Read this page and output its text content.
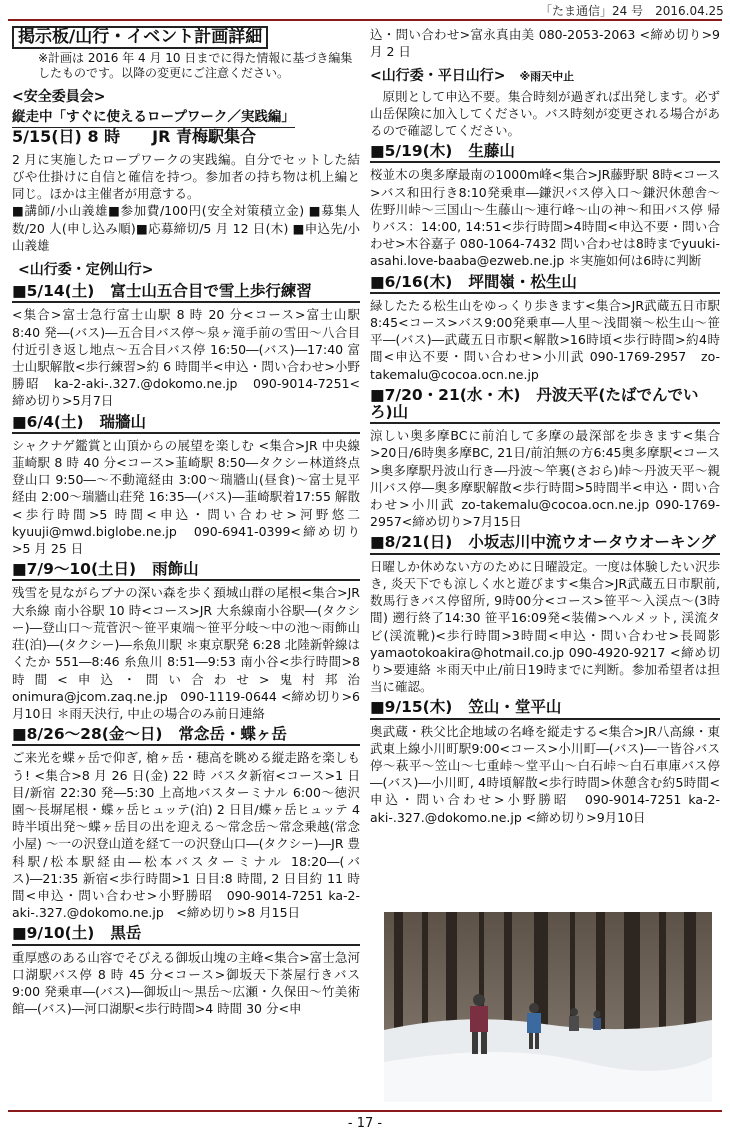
「たま通信」24 号　2016.04.25
掲示板/山行・イベント計画詳細
※計画は 2016 年 4 月 10 日までに得た情報に基づき編集したものです。以降の変更にご注意ください。
<安全委員会>
縦走中「すぐに使えるロープワーク／実践編」
5/15(日) 8 時　　JR 青梅駅集合
2 月に実施したロープワークの実践編。自分でセットした結びや仕掛けに自信と確信を持つ。参加者の持ち物は机上編と同じ。ほかは主催者が用意する。
■講師/小山義雄■参加費/100円(安全対策積立金) ■募集人数/20 人(申し込み順)■応募締切/5 月 12 日(木) ■申込先/小山義雄
<山行委・定例山行>
■5/14(土) 富士山五合目で雪上歩行練習
<集合>富士急行富士山駅 8 時 20 分<コース>富士山駅 8:40 発―(バス)―五合目バス停～泉ヶ滝手前の雪田～八合目付近引き返し地点～五合目バス停 16:50―(バス)―17:40 富士山駅解散<歩行練習>約 6 時間半<申込・問い合わせ>小野勝昭　ka-2-aki-.327.@dokomo.ne.jp　090-9014-7251<締め切り>5月7日
■6/4(土) 瑞牆山
シャクナゲ鑑賞と山頂からの展望を楽しむ <集合>JR 中央線韮崎駅 8 時 40 分<コース>韮崎駅 8:50―タクシー林道終点登山口 9:50―～不動滝経由 3:00～瑞牆山(昼食)～富士見平経由 2:00～瑞牆山荘発 16:35―(バス)―韮崎駅着17:55 解散<歩行時間>5 時間<申込・問い合わせ>河野悠二　kyuuji@mwd.biglobe.ne.jp　090-6941-0399<締め切り>5 月 25 日
■7/9～10(土日) 雨飾山
残雪を見ながらブナの深い森を歩く頚城山群の尾根<集合>JR 大糸線 南小谷駅 10 時<コース>JR 大糸線南小谷駅―(タクシー)―登山口～荒菅沢～笹平東端～笹平分岐～中の池～雨飾山荘(泊)―(タクシー)―糸魚川駅 ＊東京駅発 6:28 北陸新幹線はくたか 551―8:46 糸魚川 8:51―9:53 南小谷<歩行時間>8時間<申込・問い合わせ>鬼村邦治 onimura@jcom.zaq.ne.jp　090-1119-0644 <締め切り>6月10日 ＊雨天決行, 中止の場合のみ前日連絡
■8/26～28(金～日) 常念岳・蝶ヶ岳
ご来光を蝶ヶ岳で仰ぎ, 槍ヶ岳・穂高を眺める縦走路を楽しもう! <集合>8 月 26 日(金) 22 時 バスタ新宿<コース>1 日目/新宿 22:30 発―5:30 上高地バスターミナル 6:00～徳沢園～長塀尾根・蝶ヶ岳ヒュッテ(泊) 2 日目/蝶ヶ岳ヒュッテ 4 時半頃出発～蝶ヶ岳目の出を迎える～常念岳～常念乗越(常念小屋) ～一の沢登山道を経て一の沢登山口―(タクシー)―JR 豊科駅/松本駅経由―松本バスターミナル 18:20―(バス)―21:35 新宿<歩行時間>1 日目:8 時間, 2 日目約 11 時間<申込・問い合わせ>小野勝昭　090-9014-7251 ka-2-aki-.327.@dokomo.ne.jp　<締め切り>8 月15日
■9/10(土) 黒岳
重厚感のある山容でそびえる御坂山塊の主峰<集合>富士急河口湖駅バス停 8 時 45 分<コース>御坂天下茶屋行きバス 9:00 発乗車―(バス)―御坂山～黒岳～広瀬・久保田～竹美術館―(バス)―河口湖駅<歩行時間>4 時間 30 分<申
込・問い合わせ>富永真由美 080-2053-2063 <締め切り>9 月 2 日
<山行委・平日山行> ※雨天中止
原則として申込不要。集合時刻が過ぎれば出発します。必ず山岳保険に加入してください。バス時刻が変更される場合があるので確認してください。
■5/19(木) 生藤山
桜並木の奥多摩最南の1000m峰<集合>JR藤野駅 8時<コース>バス和田行き8:10発乗車―鎌沢バス停入口～鎌沢休憩舎～佐野川峠～三国山～生藤山～連行峰～山の神～和田バス停 帰りバス：14:00, 14:51<歩行時間>4時間<申込不要・問い合わせ>木谷嘉子 080-1064-7432 問い合わせは8時までyuuki-asahi.love-baaba@ezweb.ne.jp ＊実施如何は6時に判断
■6/16(木) 坪間嶺・松生山
緑したたる松生山をゆっくり歩きます<集合>JR武蔵五日市駅8:45<コース>バス9:00発乗車―人里～浅間嶺～松生山～笹平―(バス)―武蔵五日市駅<解散>16時頃<歩行時間>約4時間<申込不要・問い合わせ>小川武 090-1769-2957　zo-takemalu@cocoa.ocn.ne.jp
■7/20・21(水・木) 丹波天平(たばでんでいろ)山
涼しい奥多摩BCに前泊して多摩の最深部を歩きます<集合>20日/6時奥多摩BC, 21日/前泊無の方6:45奥多摩駅<コース>奥多摩駅丹波山行き―丹波～竿裏(さおら)峠～丹波天平～親川バス停―奥多摩駅解散<歩行時間>5時間半<申込・問い合わせ>小川武 zo-takemalu@cocoa.ocn.ne.jp 090-1769-2957<締め切り>7月15日
■8/21(日) 小坂志川中流ウオータウオーキング
日曜しか休めない方のために日曜設定。一度は体験したい沢歩き, 炎天下でも涼しく水と遊びます<集合>JR武蔵五日市駅前, 数馬行きバス停留所, 9時00分<コース>笹平～入渓点～(3時間) 遡行終了14:30 笹平16:09発<装備>ヘルメット, 渓流タビ(渓流靴)<歩行時間>3時間<申込・問い合わせ>長岡影 yamaotokoakira@hotmail.co.jp 090-4920-9217 <締め切り>要連絡 ＊雨天中止/前日19時までに判断。参加希望者は担当に確認。
■9/15(木) 笠山・堂平山
奥武蔵・秩父比企地域の名峰を縦走する<集合>JR八高線・東武東上線小川町駅9:00<コース>小川町―(バス)―一皆谷バス停～萩平～笠山～七重峠～堂平山～白石峠～白石車庫バス停―(バス)―小川町, 4時頃解散<歩行時間>休憩含む約5時間<申込・問い合わせ>小野勝昭　090-9014-7251 ka-2-aki-.327.@dokomo.ne.jp <締め切り>9月10日
- 17 -
